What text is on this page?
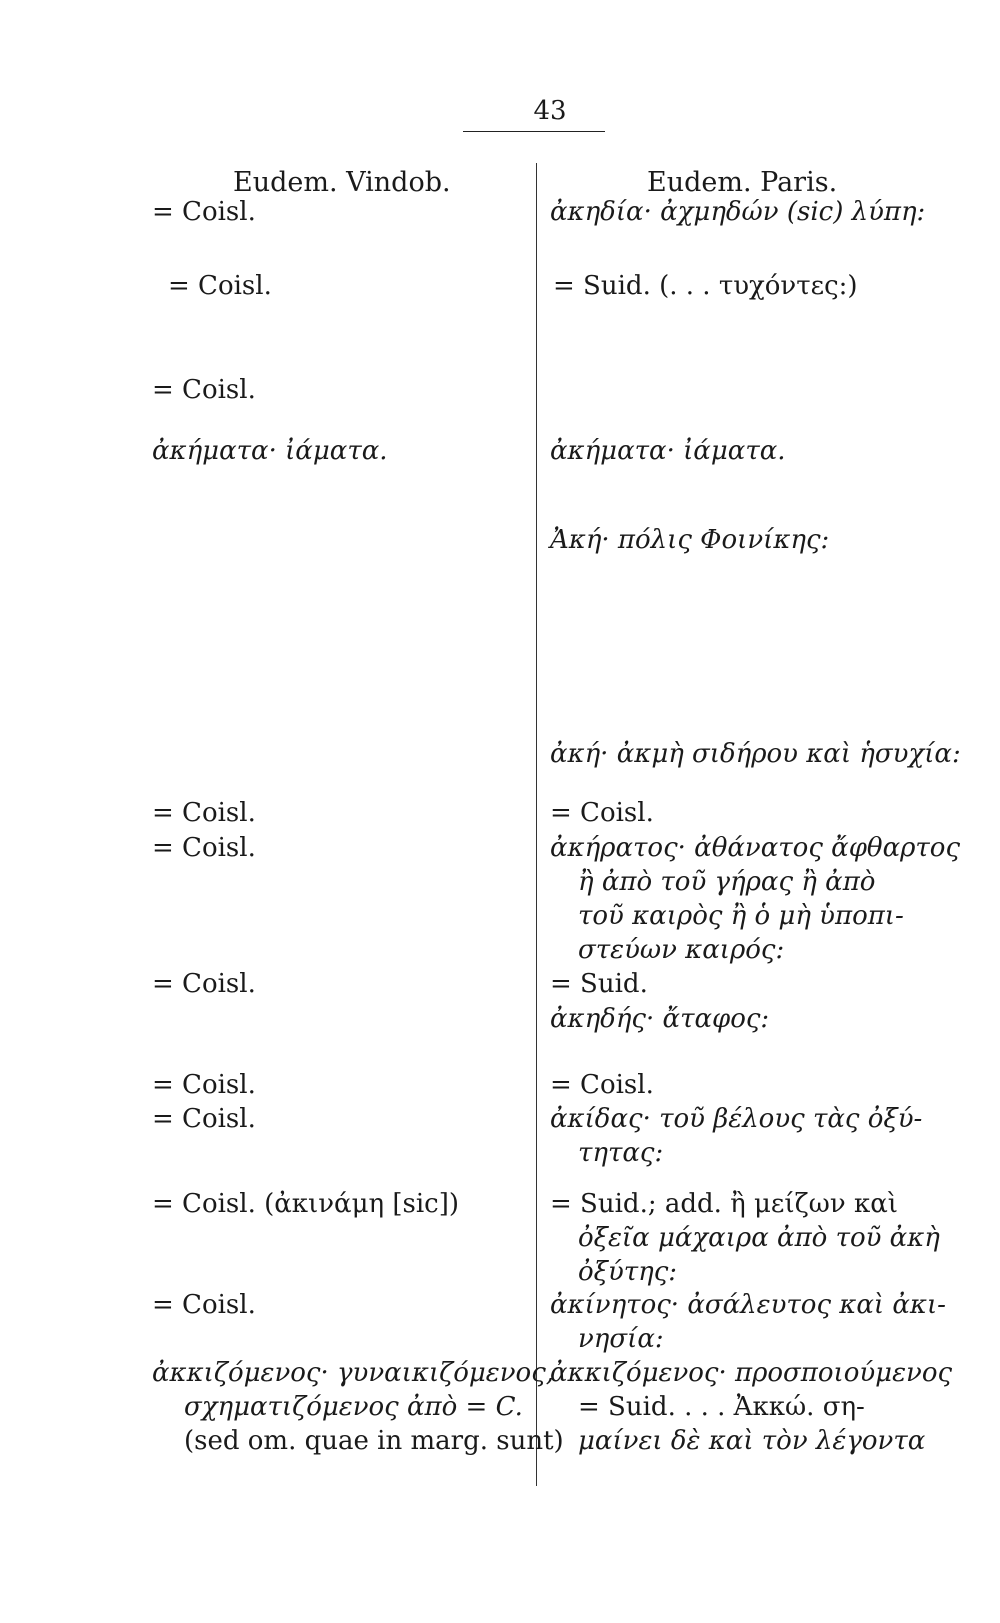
43
Eudem. Vindob.	Eudem. Paris.
= Coisl.
= Coisl.
= Coisl.
ἀκήματα· ἰάματα.
= Coisl.
= Coisl.
= Coisl.
= Coisl.
= Coisl.
= Coisl. (ἀκινάμη [sic])
= Coisl.
ἀκκιζόμενος· γυναικιζόμενος,
σχηματιζόμενος ἀπὸ = C.
(sed om. quae in marg. sunt)
ἀκηδία· ἀχμηδών (sic) λύπη:
= Suid. (. . . τυχόντες:)
ἀκήματα· ἰάματα.
Ἀκή· πόλις Φοινίκης:
ἀκή· ἀκμὴ σιδήρου καὶ ἡσυχία:
= Coisl.
ἀκήρατος· ἀθάνατος ἄφθαρτος
ἢ ἀπὸ τοῦ γήρας ἢ ἀπὸ
τοῦ καιρὸς ἢ ὁ μὴ ὑποπι-
στεύων καιρός:
= Suid.
ἀκηδής· ἄταφος:
= Coisl.
ἀκίδας· τοῦ βέλους τὰς ὀξύ-
τητας:
= Suid.; add. ἢ μείζων καὶ
ὀξεῖα μάχαιρα ἀπὸ τοῦ ἀκὴ
ὀξύτης:
ἀκίνητος· ἀσάλευτος καὶ ἀκι-
νησία:
ἀκκιζόμενος· προσποιούμενος
= Suid. . . . Ἀκκώ. ση-
μαίνει δὲ καὶ τὸν λέγοντα
